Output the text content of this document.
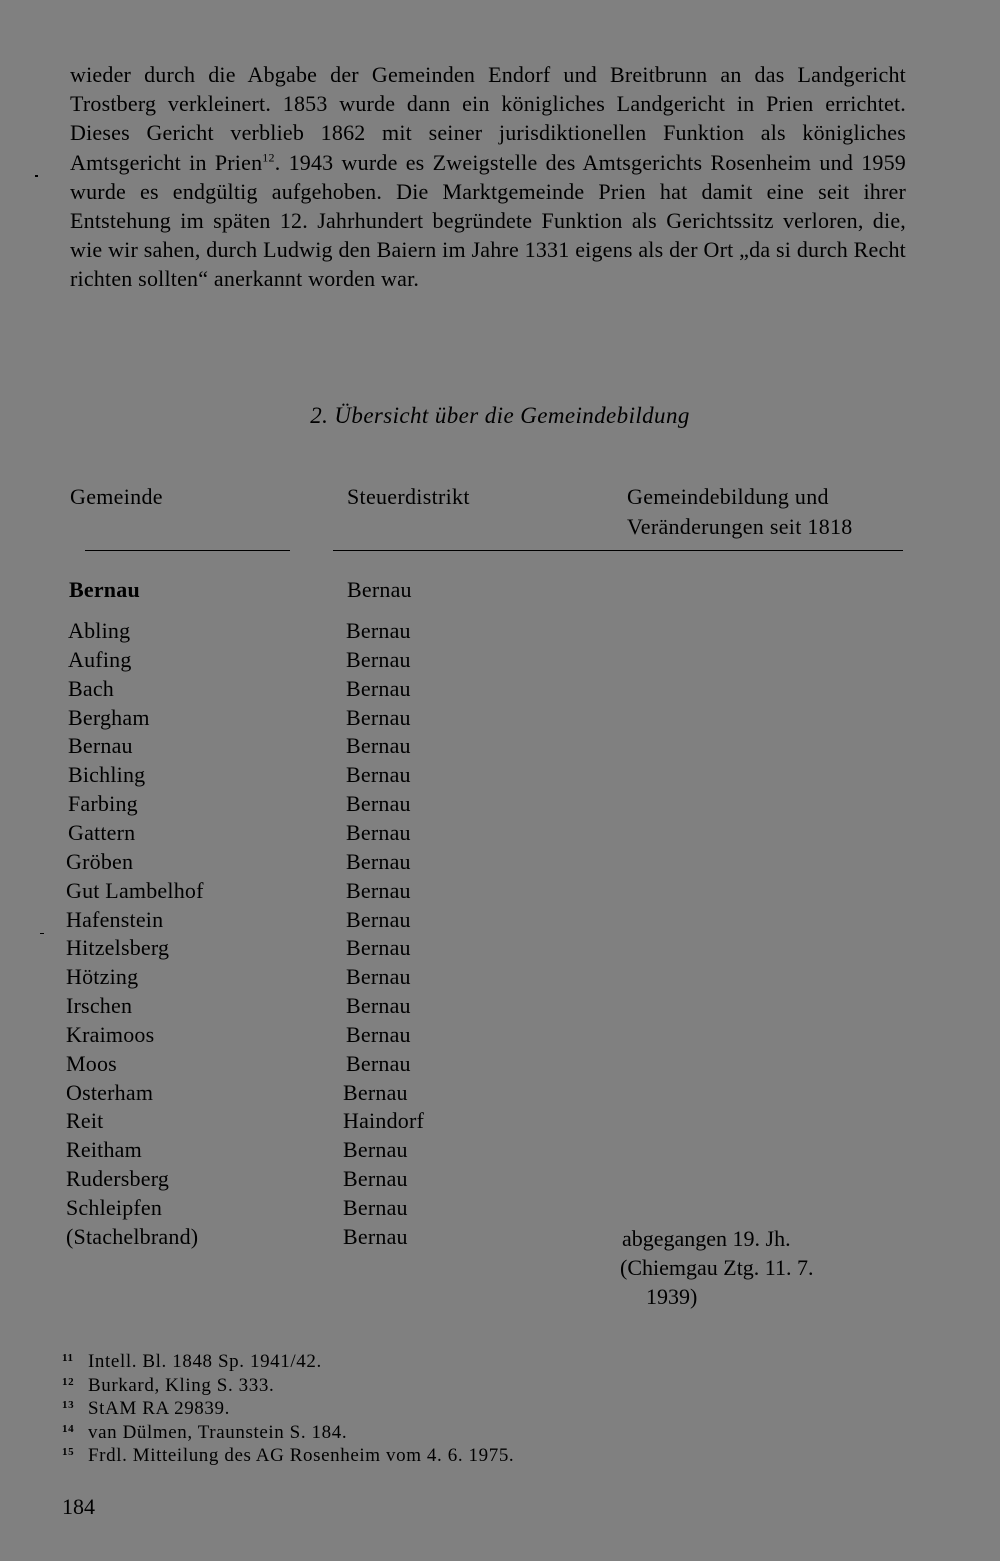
wieder durch die Abgabe der Gemeinden Endorf und Breitbrunn an das Landgericht Trostberg verkleinert. 1853 wurde dann ein königliches Landgericht in Prien errichtet. Dieses Gericht verblieb 1862 mit seiner jurisdiktionellen Funktion als königliches Amtsgericht in Prien$^{12}$. 1943 wurde es Zweigstelle des Amtsgerichts Rosenheim und 1959 wurde es endgültig aufgehoben. Die Marktgemeinde Prien hat damit eine seit ihrer Entstehung im späten 12. Jahrhundert begründete Funktion als Gerichtssitz verloren, die, wie wir sahen, durch Ludwig den Baiern im Jahre 1331 eigens als der Ort „da si durch Recht richten sollten“ anerkannt worden war.
2. Übersicht über die Gemeindebildung
Gemeinde	Steuerdistrikt	Gemeindebildung und
Veränderungen seit 1818
Bernau	Bernau
Abling	Bernau
Aufing	Bernau
Bach	Bernau
Bergham	Bernau
Bernau	Bernau
Bichling	Bernau
Farbing	Bernau
Gattern	Bernau
Gröben	Bernau
Gut Lambelhof	Bernau
Hafenstein	Bernau
Hitzelsberg	Bernau
Hötzing	Bernau
Irschen	Bernau
Kraimoos	Bernau
Moos	Bernau
Osterham	Bernau
Reit	Haindorf
Reitham	Bernau
Rudersberg	Bernau
Schleipfen	Bernau
(Stachelbrand)	Bernau	abgegangen 19. Jh.
(Chiemgau Ztg. 11. 7.
1939)
11 Intell. Bl. 1848 Sp. 1941/42.
12 Burkard, Kling S. 333.
13 StAM RA 29839.
14 van Dülmen, Traunstein S. 184.
15 Frdl. Mitteilung des AG Rosenheim vom 4. 6. 1975.
184
